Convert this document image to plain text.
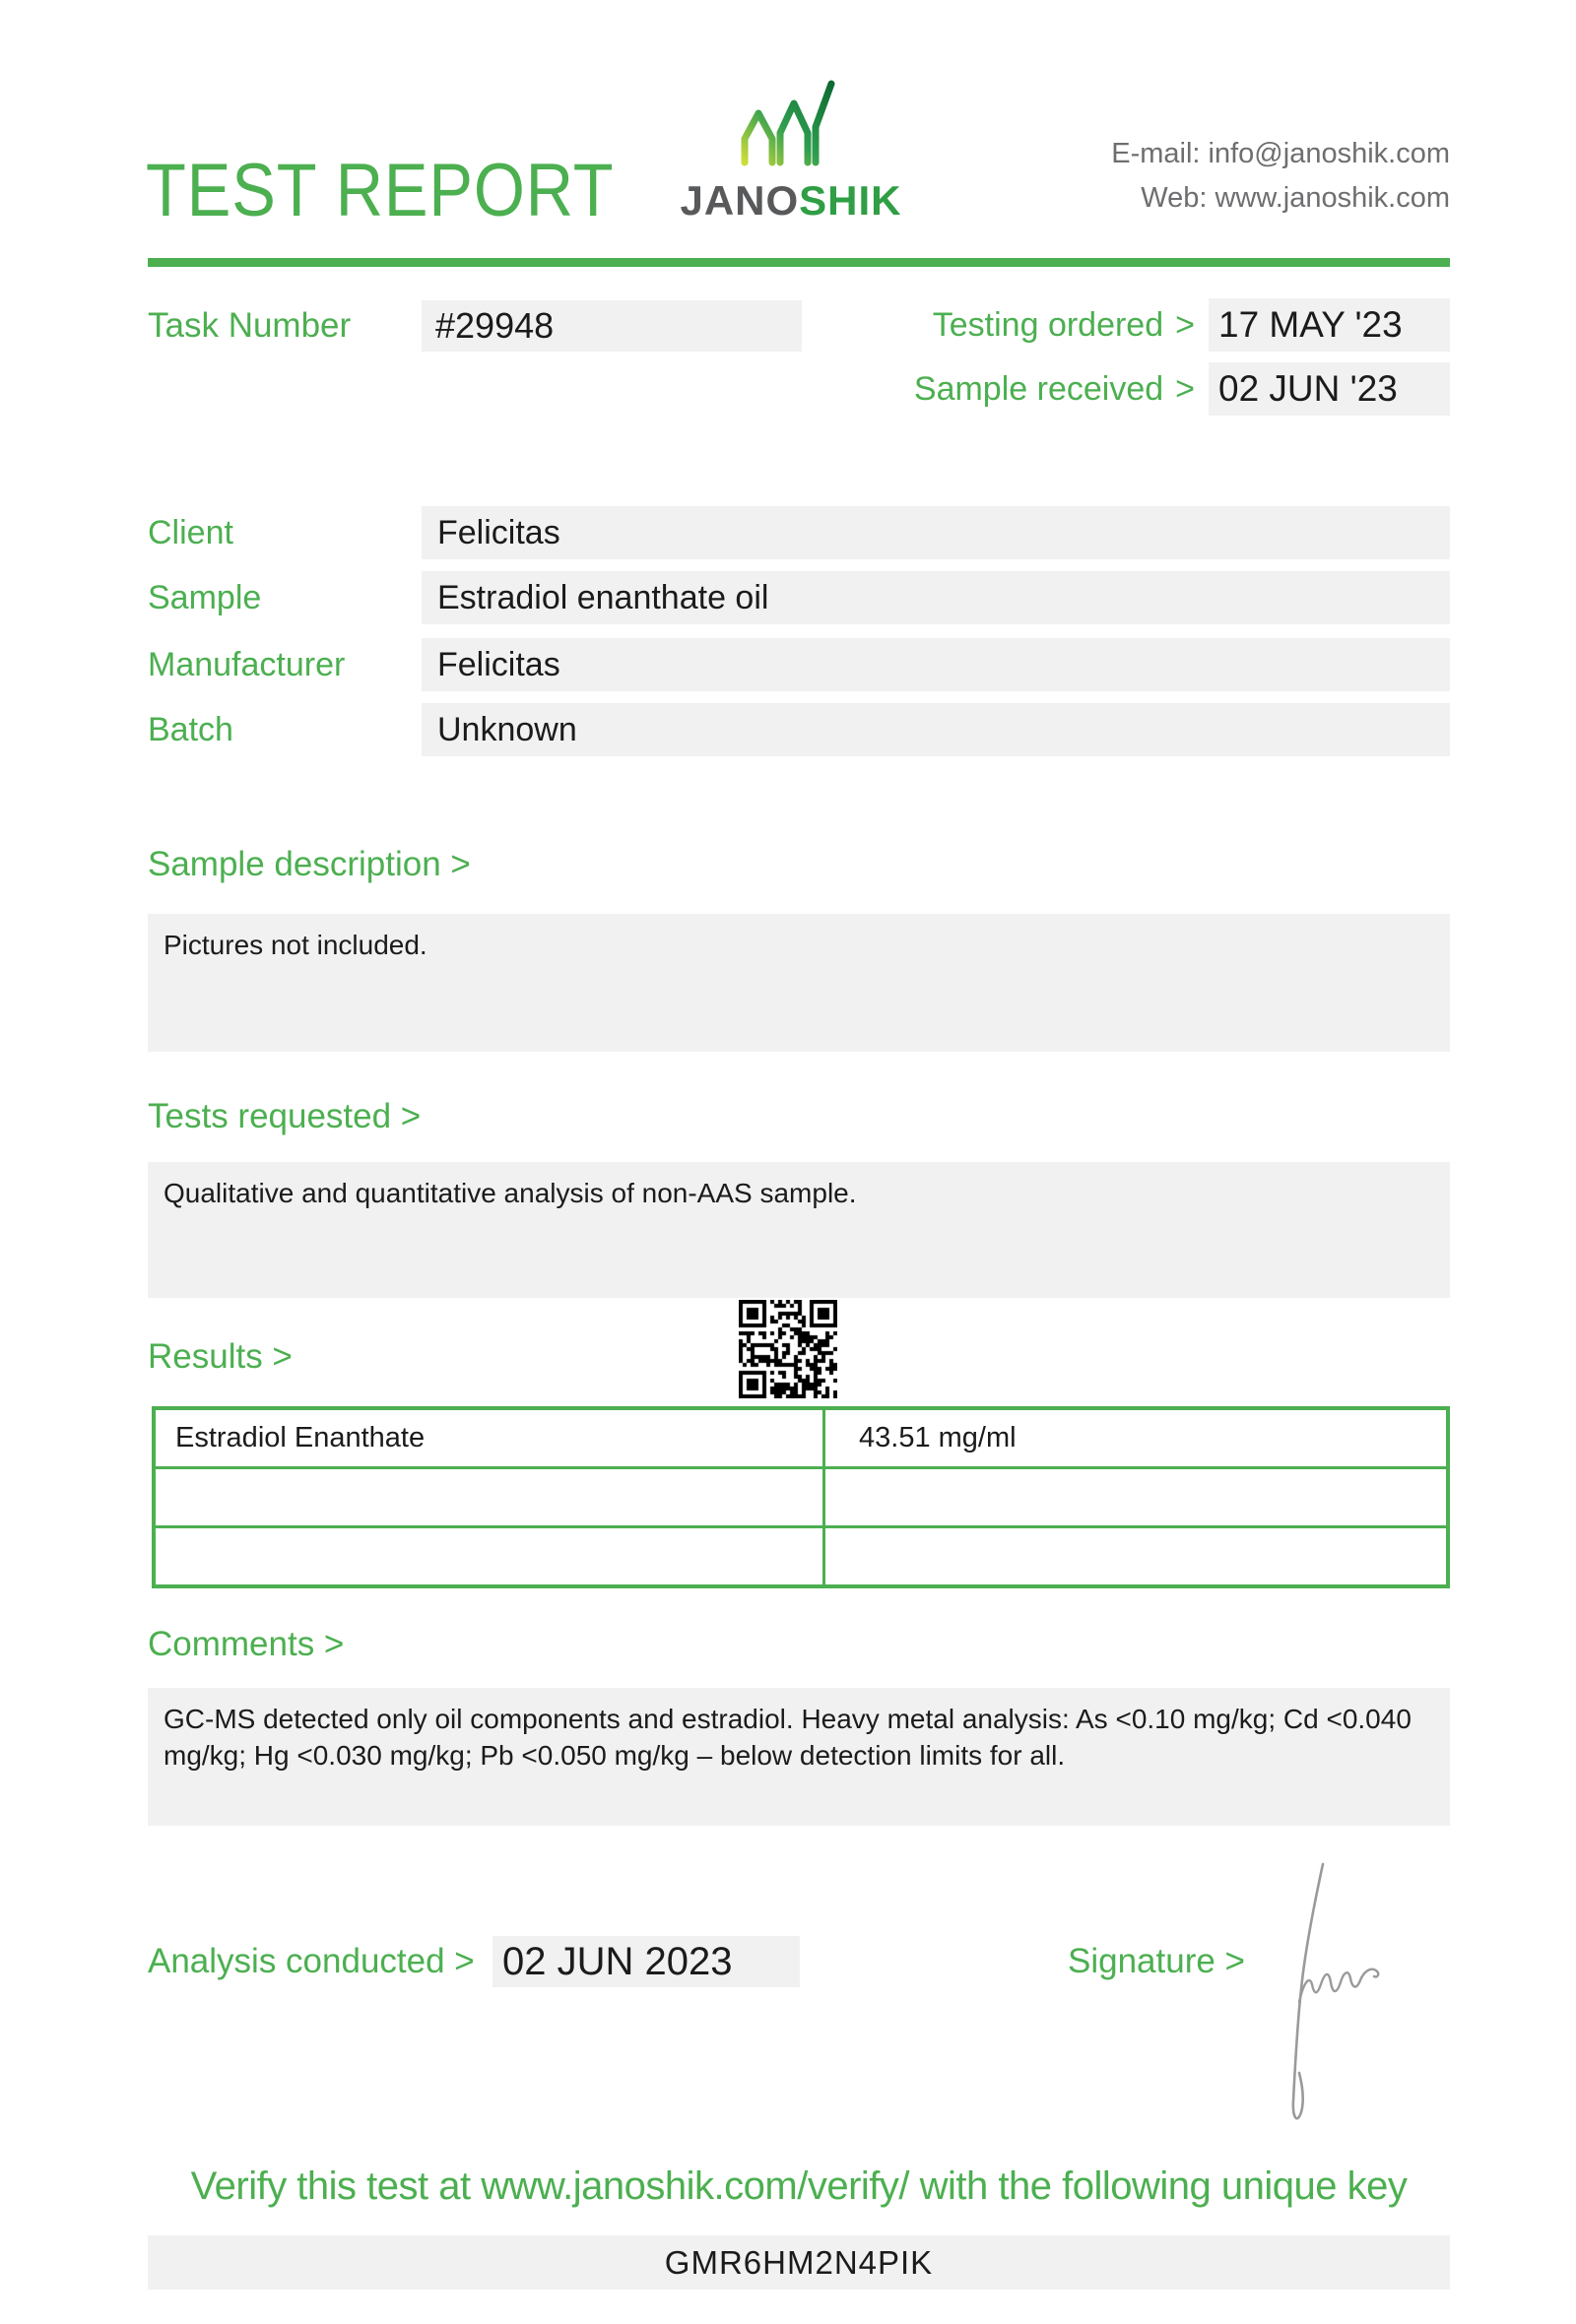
TEST REPORT JANOSHIK
E-mail: info@janoshik.com
Web: www.janoshik.com
Task Number	#29948	Testing ordered > 17 MAY '23
Sample received > 02 JUN '23
Client	Felicitas
Sample	Estradiol enanthate oil
Manufacturer	Felicitas
Batch	Unknown
Sample description >
Pictures not included.
Tests requested >
Qualitative and quantitative analysis of non-AAS sample.
Results >
Estradiol Enanthate	43.51 mg/ml

Comments >
GC-MS detected only oil components and estradiol. Heavy metal analysis: As <0.10 mg/kg; Cd <0.040 mg/kg; Hg <0.030 mg/kg; Pb <0.050 mg/kg – below detection limits for all.
Analysis conducted > 02 JUN 2023	Signature >
Verify this test at www.janoshik.com/verify/ with the following unique key
GMR6HM2N4PIK
